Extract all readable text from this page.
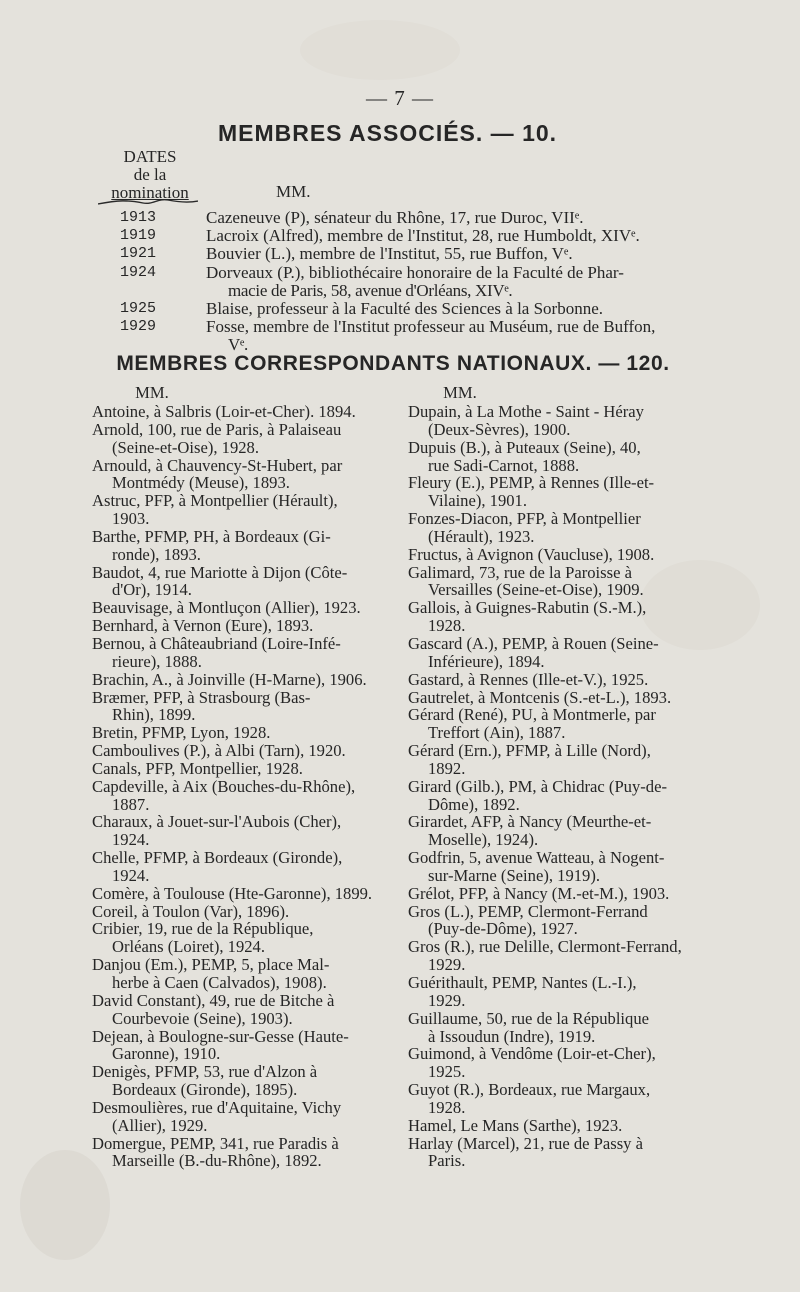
— 7 —
MEMBRES ASSOCIÉS. — 10.
DATES
de la
nomination	MM.
1913	Cazeneuve (P), sénateur du Rhône, 17, rue Duroc, VIIᵉ.
1919	Lacroix (Alfred), membre de l'Institut, 28, rue Humboldt, XIVᵉ.
1921	Bouvier (L.), membre de l'Institut, 55, rue Buffon, Vᵉ.
1924	Dorveaux (P.), bibliothécaire honoraire de la Faculté de Phar-
macie de Paris, 58, avenue d'Orléans, XIVᵉ.
1925	Blaise, professeur à la Faculté des Sciences à la Sorbonne.
1929	Fosse, membre de l'Institut professeur au Muséum, rue de Buffon,
Vᵉ.
MEMBRES CORRESPONDANTS NATIONAUX. — 120.
MM.
Antoine, à Salbris (Loir-et-Cher). 1894.
Arnold, 100, rue de Paris, à Palaiseau
(Seine-et-Oise), 1928.
Arnould, à Chauvency-St-Hubert, par
Montmédy (Meuse), 1893.
Astruc, PFP, à Montpellier (Hérault),
1903.
Barthe, PFMP, PH, à Bordeaux (Gi-
ronde), 1893.
Baudot, 4, rue Mariotte à Dijon (Côte-
d'Or), 1914.
Beauvisage, à Montluçon (Allier), 1923.
Bernhard, à Vernon (Eure), 1893.
Bernou, à Châteaubriand (Loire-Infé-
rieure), 1888.
Brachin, A., à Joinville (H-Marne), 1906.
Bræmer, PFP, à Strasbourg (Bas-
Rhin), 1899.
Bretin, PFMP, Lyon, 1928.
Camboulives (P.), à Albi (Tarn), 1920.
Canals, PFP, Montpellier, 1928.
Capdeville, à Aix (Bouches-du-Rhône),
1887.
Charaux, à Jouet-sur-l'Aubois (Cher),
1924.
Chelle, PFMP, à Bordeaux (Gironde),
1924.
Comère, à Toulouse (Hte-Garonne), 1899.
Coreil, à Toulon (Var), 1896).
Cribier, 19, rue de la République,
Orléans (Loiret), 1924.
Danjou (Em.), PEMP, 5, place Mal-
herbe à Caen (Calvados), 1908).
David Constant), 49, rue de Bitche à
Courbevoie (Seine), 1903).
Dejean, à Boulogne-sur-Gesse (Haute-
Garonne), 1910.
Denigès, PFMP, 53, rue d'Alzon à
Bordeaux (Gironde), 1895).
Desmoulières, rue d'Aquitaine, Vichy
(Allier), 1929.
Domergue, PEMP, 341, rue Paradis à
Marseille (B.-du-Rhône), 1892.
MM.
Dupain, à La Mothe - Saint - Héray
(Deux-Sèvres), 1900.
Dupuis (B.), à Puteaux (Seine), 40,
rue Sadi-Carnot, 1888.
Fleury (E.), PEMP, à Rennes (Ille-et-
Vilaine), 1901.
Fonzes-Diacon, PFP, à Montpellier
(Hérault), 1923.
Fructus, à Avignon (Vaucluse), 1908.
Galimard, 73, rue de la Paroisse à
Versailles (Seine-et-Oise), 1909.
Gallois, à Guignes-Rabutin (S.-M.),
1928.
Gascard (A.), PEMP, à Rouen (Seine-
Inférieure), 1894.
Gastard, à Rennes (Ille-et-V.), 1925.
Gautrelet, à Montcenis (S.-et-L.), 1893.
Gérard (René), PU, à Montmerle, par
Treffort (Ain), 1887.
Gérard (Ern.), PFMP, à Lille (Nord),
1892.
Girard (Gilb.), PM, à Chidrac (Puy-de-
Dôme), 1892.
Girardet, AFP, à Nancy (Meurthe-et-
Moselle), 1924).
Godfrin, 5, avenue Watteau, à Nogent-
sur-Marne (Seine), 1919).
Grélot, PFP, à Nancy (M.-et-M.), 1903.
Gros (L.), PEMP, Clermont-Ferrand
(Puy-de-Dôme), 1927.
Gros (R.), rue Delille, Clermont-Ferrand,
1929.
Guérithault, PEMP, Nantes (L.-I.),
1929.
Guillaume, 50, rue de la République
à Issoudun (Indre), 1919.
Guimond, à Vendôme (Loir-et-Cher),
1925.
Guyot (R.), Bordeaux, rue Margaux,
1928.
Hamel, Le Mans (Sarthe), 1923.
Harlay (Marcel), 21, rue de Passy à
Paris.
